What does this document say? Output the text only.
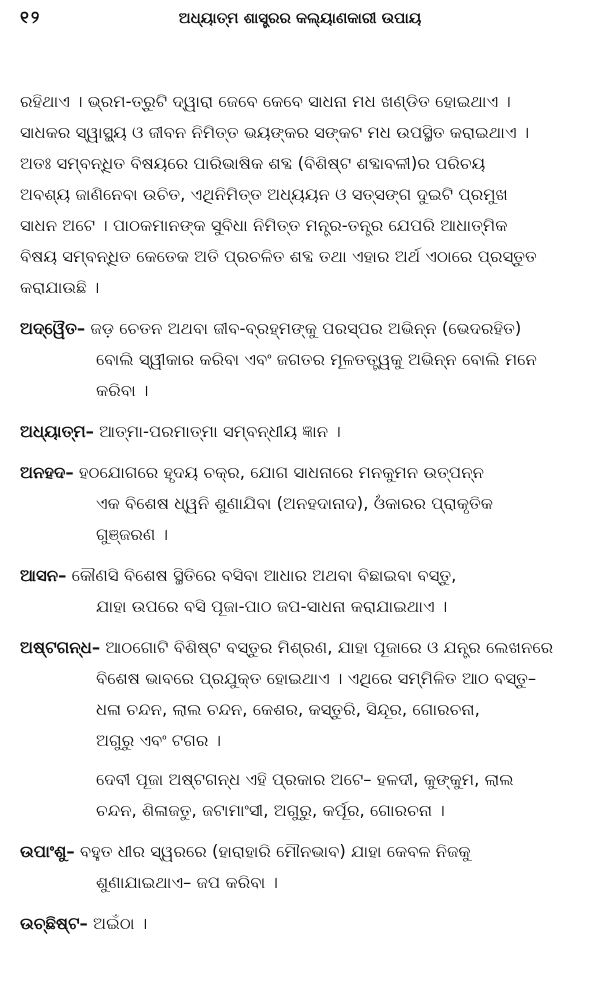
୧୨	ଅଧ୍ୟାତ୍ମ ଶାସ୍ତ୍ରର କଲ୍ୟାଣକାରୀ ଉପାୟ

ରହିଥାଏ । ଭ୍ରମ-ତ୍ରୁଟି ଦ୍ୱାରା ଜେବେ କେବେ ସାଧନା ମଧ ଖଣ୍ଡିତ ହୋଇଥାଏ ।

ସାଧକର ସ୍ୱାସ୍ଥ୍ୟ ଓ ଜୀବନ ନିମିତ୍ତ ଭୟଙ୍କର ସଙ୍କଟ ମଧ ଉପସ୍ଥିତ କରାଇଥାଏ ।

ଅତଃ ସମ୍ବନ୍ଧିତ ବିଷୟରେ ପାରିଭାଷିକ ଶବ୍ଦ (ବିଶିଷ୍ଟ ଶବ୍ଦାବଳୀ)ର ପରିଚୟ

ଅବଶ୍ୟ ଜାଣିନେବା ଉଚିତ, ଏଥିନିମିତ୍ତ ଅଧ୍ୟୟନ ଓ ସତ୍‌ସଙ୍ଗ ଦୁଇଟି ପ୍ରମୁଖ

ସାଧନ ଅଟେ । ପାଠକମାନଙ୍କ ସୁବିଧା ନିମିତ୍ତ ମନ୍ତ୍ର-ତନ୍ତ୍ର ଯେପରି ଆଧାତ୍ମିକ

ବିଷୟ ସମ୍ବନ୍ଧିତ କେତେକ ଅତି ପ୍ରଚଳିତ ଶବ୍ଦ ତଥା ଏହାର ଅର୍ଥ ଏଠାରେ ପ୍ରସ୍ତୁତ

କରାଯାଉଛି ।

ଅଦ୍ୱୈତ– ଜଡ଼ ଚେତନ ଅଥବା ଜୀବ-ବ୍ରହ୍ମଙ୍କୁ ପରସ୍ପର ଅଭିନ୍ନ (ଭେଦରହିତ)

ବୋଲି ସ୍ୱୀକାର କରିବା ଏବଂ ଜଗତର ମୂଳତତ୍ତ୍ୱକୁ ଅଭିନ୍ନ ବୋଲି ମନେ

କରିବା ।

ଅଧ୍ୟାତ୍ମ– ଆତ୍ମା-ପରମାତ୍ମା ସମ୍ବନ୍ଧୀୟ ଜ୍ଞାନ ।
ଅନହଦ– ହଠଯୋଗରେ ହୃଦୟ ଚକ୍ର, ଯୋଗ ସାଧନାରେ ମନକୁମନ ଉତ୍ପନ୍ନ

ଏକ ବିଶେଷ ଧ୍ୱନି ଶୁଣାଯିବା (ଅନହଦାନାଦ), ଓଁକାରର ପ୍ରାକୃତିକ

ଗୁଞ୍ଜରଣ ।

ଆସନ– କୌଣସି ବିଶେଷ ସ୍ଥିତିରେ ବସିବା ଆଧାର ଅଥବା ବିଛାଇବା ବସ୍ତୁ,

ଯାହା ଉପରେ ବସି ପୂଜା-ପାଠ ଜପ-ସାଧନା କରାଯାଇଥାଏ ।

ଅଷ୍ଟଗନ୍ଧ– ଆଠଗୋଟି ବିଶିଷ୍ଟ ବସ୍ତୁର ମିଶ୍ରଣ, ଯାହା ପୂଜାରେ ଓ ଯନ୍ତ୍ର ଲେଖନରେ

ବିଶେଷ ଭାବରେ ପ୍ରଯୁକ୍ତ ହୋଇଥାଏ । ଏଥିରେ ସମ୍ମିଳିତ ଆଠ ବସ୍ତୁ–

ଧଳା ଚନ୍ଦନ, ଲାଲ ଚନ୍ଦନ, କେଶର, କସ୍ତୁରି, ସିନ୍ଦୂର, ଗୋରଚନା,

ଅଗୁରୁ ଏବଂ ଟଗର ।

ଦେବୀ ପୂଜା ଅଷ୍ଟଗନ୍ଧ ଏହି ପ୍ରକାର ଅଟେ– ହଳଦୀ, କୁଙ୍କୁମ, ଲାଲ

ଚନ୍ଦନ, ଶିଳାଜତୁ, ଜଟାମାଂସୀ, ଅଗୁରୁ, କର୍ପୂର, ଗୋରଚନା ।

ଉପାଂଶୁ– ବହୁତ ଧୀର ସ୍ୱରରେ (ହାରାହାରି ମୌନଭାବ) ଯାହା କେବଳ ନିଜକୁ

ଶୁଣାଯାଇଥାଏ– ଜପ କରିବା ।

ଉଚ୍ଛିଷ୍ଟ– ଅଇଁଠା ।
